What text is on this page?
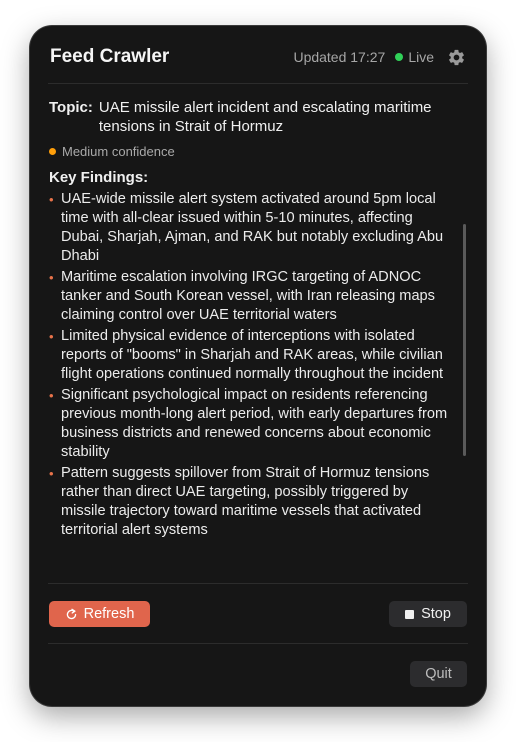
Feed Crawler	Updated 17:27 Live
Topic: UAE missile alert incident and escalating maritime tensions in Strait of Hormuz
Medium confidence
Key Findings:
• UAE-wide missile alert system activated around 5pm local time with all-clear issued within 5-10 minutes, affecting Dubai, Sharjah, Ajman, and RAK but notably excluding Abu Dhabi
• Maritime escalation involving IRGC targeting of ADNOC tanker and South Korean vessel, with Iran releasing maps claiming control over UAE territorial waters
• Limited physical evidence of interceptions with isolated reports of "booms" in Sharjah and RAK areas, while civilian flight operations continued normally throughout the incident
• Significant psychological impact on residents referencing previous month-long alert period, with early departures from business districts and renewed concerns about economic stability
• Pattern suggests spillover from Strait of Hormuz tensions rather than direct UAE targeting, possibly triggered by missile trajectory toward maritime vessels that activated territorial alert systems
Refresh	Stop
Quit
